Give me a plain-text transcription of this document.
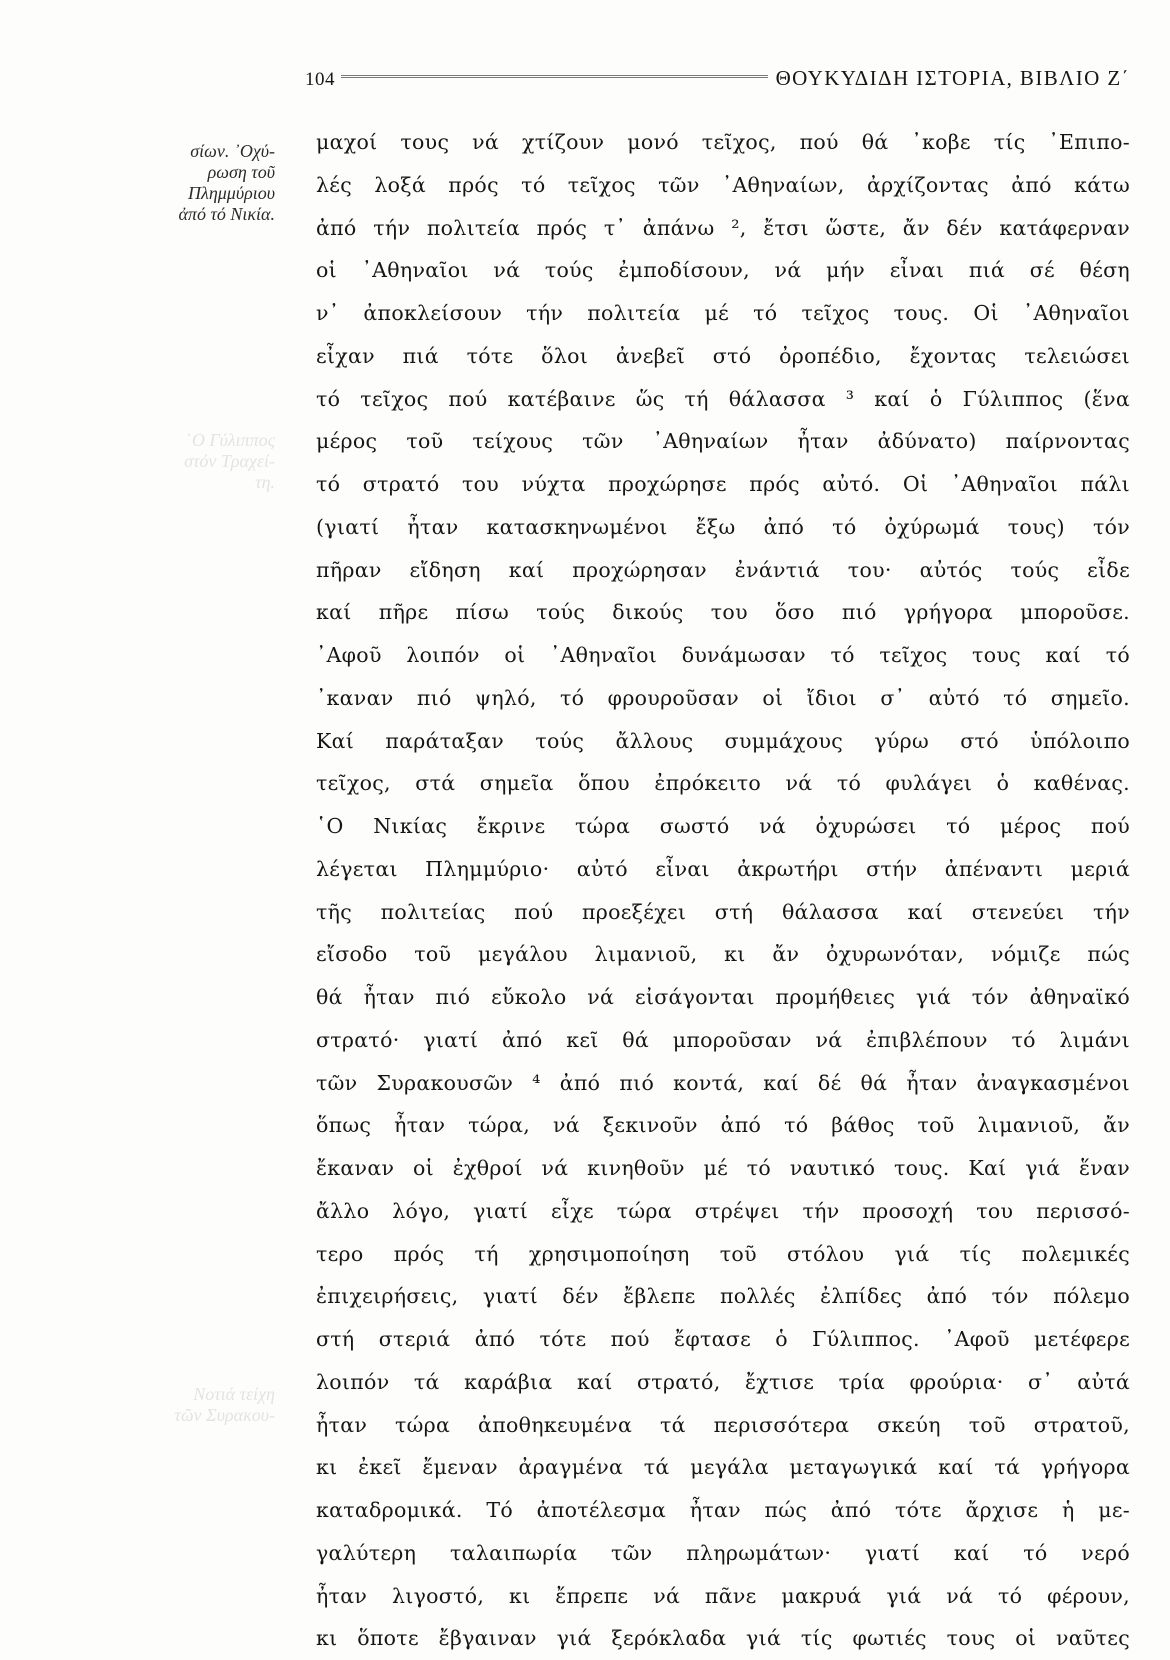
104	ΘΟΥΚΥΔΙΔΗ ΙΣΤΟΡΙΑ, ΒΙΒΛΙΟ Ζ΄
σίων. ᾿Οχύ-
ρωση τοῦ
Πλημμύριου
ἀπό τό Νικία.
῾Ο Γύλιππος
στόν Τραχεί-
τη.
Νοτιά τείχη
τῶν Συρακου-
μαχοί τους νά χτίζουν μονό τεῖχος, πού θά ᾽κοβε τίς ᾿Επιπο-
λές λοξά πρός τό τεῖχος τῶν ᾿Αθηναίων, ἀρχίζοντας ἀπό κάτω
ἀπό τήν πολιτεία πρός τ᾽ ἀπάνω ², ἔτσι ὥστε, ἄν δέν κατάφερναν
οἱ ᾿Αθηναῖοι νά τούς ἐμποδίσουν, νά μήν εἶναι πιά σέ θέση
ν᾽ ἀποκλείσουν τήν πολιτεία μέ τό τεῖχος τους. Οἱ ᾿Αθηναῖοι
εἶχαν πιά τότε ὅλοι ἀνεβεῖ στό ὀροπέδιο, ἔχοντας τελειώσει
τό τεῖχος πού κατέβαινε ὥς τή θάλασσα ³ καί ὁ Γύλιππος (ἕνα
μέρος τοῦ τείχους τῶν ᾿Αθηναίων ἦταν ἀδύνατο) παίρνοντας
τό στρατό του νύχτα προχώρησε πρός αὐτό. Οἱ ᾿Αθηναῖοι πάλι
(γιατί ἦταν κατασκηνωμένοι ἔξω ἀπό τό ὀχύρωμά τους) τόν
πῆραν εἴδηση καί προχώρησαν ἐνάντιά του· αὐτός τούς εἶδε
καί πῆρε πίσω τούς δικούς του ὅσο πιό γρήγορα μποροῦσε.
᾿Αφοῦ λοιπόν οἱ ᾿Αθηναῖοι δυνάμωσαν τό τεῖχος τους καί τό
᾽καναν πιό ψηλό, τό φρουροῦσαν οἱ ἴδιοι σ᾽ αὐτό τό σημεῖο.
Καί παράταξαν τούς ἄλλους συμμάχους γύρω στό ὑπόλοιπο
τεῖχος, στά σημεῖα ὅπου ἐπρόκειτο νά τό φυλάγει ὁ καθένας.
῾Ο Νικίας ἔκρινε τώρα σωστό νά ὀχυρώσει τό μέρος πού
λέγεται Πλημμύριο· αὐτό εἶναι ἀκρωτήρι στήν ἀπέναντι μεριά
τῆς πολιτείας πού προεξέχει στή θάλασσα καί στενεύει τήν
εἴσοδο τοῦ μεγάλου λιμανιοῦ, κι ἄν ὀχυρωνόταν, νόμιζε πώς
θά ἦταν πιό εὔκολο νά εἰσάγονται προμήθειες γιά τόν ἀθηναϊκό
στρατό· γιατί ἀπό κεῖ θά μποροῦσαν νά ἐπιβλέπουν τό λιμάνι
τῶν Συρακουσῶν ⁴ ἀπό πιό κοντά, καί δέ θά ἦταν ἀναγκασμένοι
ὅπως ἦταν τώρα, νά ξεκινοῦν ἀπό τό βάθος τοῦ λιμανιοῦ, ἄν
ἔκαναν οἱ ἐχθροί νά κινηθοῦν μέ τό ναυτικό τους. Καί γιά ἕναν
ἄλλο λόγο, γιατί εἶχε τώρα στρέψει τήν προσοχή του περισσό-
τερο πρός τή χρησιμοποίηση τοῦ στόλου γιά τίς πολεμικές
ἐπιχειρήσεις, γιατί δέν ἔβλεπε πολλές ἐλπίδες ἀπό τόν πόλεμο
στή στεριά ἀπό τότε πού ἔφτασε ὁ Γύλιππος. ᾿Αφοῦ μετέφερε
λοιπόν τά καράβια καί στρατό, ἔχτισε τρία φρούρια· σ᾽ αὐτά
ἦταν τώρα ἀποθηκευμένα τά περισσότερα σκεύη τοῦ στρατοῦ,
κι ἐκεῖ ἔμεναν ἀραγμένα τά μεγάλα μεταγωγικά καί τά γρήγορα
καταδρομικά. Τό ἀποτέλεσμα ἦταν πώς ἀπό τότε ἄρχισε ἡ με-
γαλύτερη ταλαιπωρία τῶν πληρωμάτων· γιατί καί τό νερό
ἦταν λιγοστό, κι ἔπρεπε νά πᾶνε μακρυά γιά νά τό φέρουν,
κι ὅποτε ἔβγαιναν γιά ξερόκλαδα γιά τίς φωτιές τους οἱ ναῦτες
